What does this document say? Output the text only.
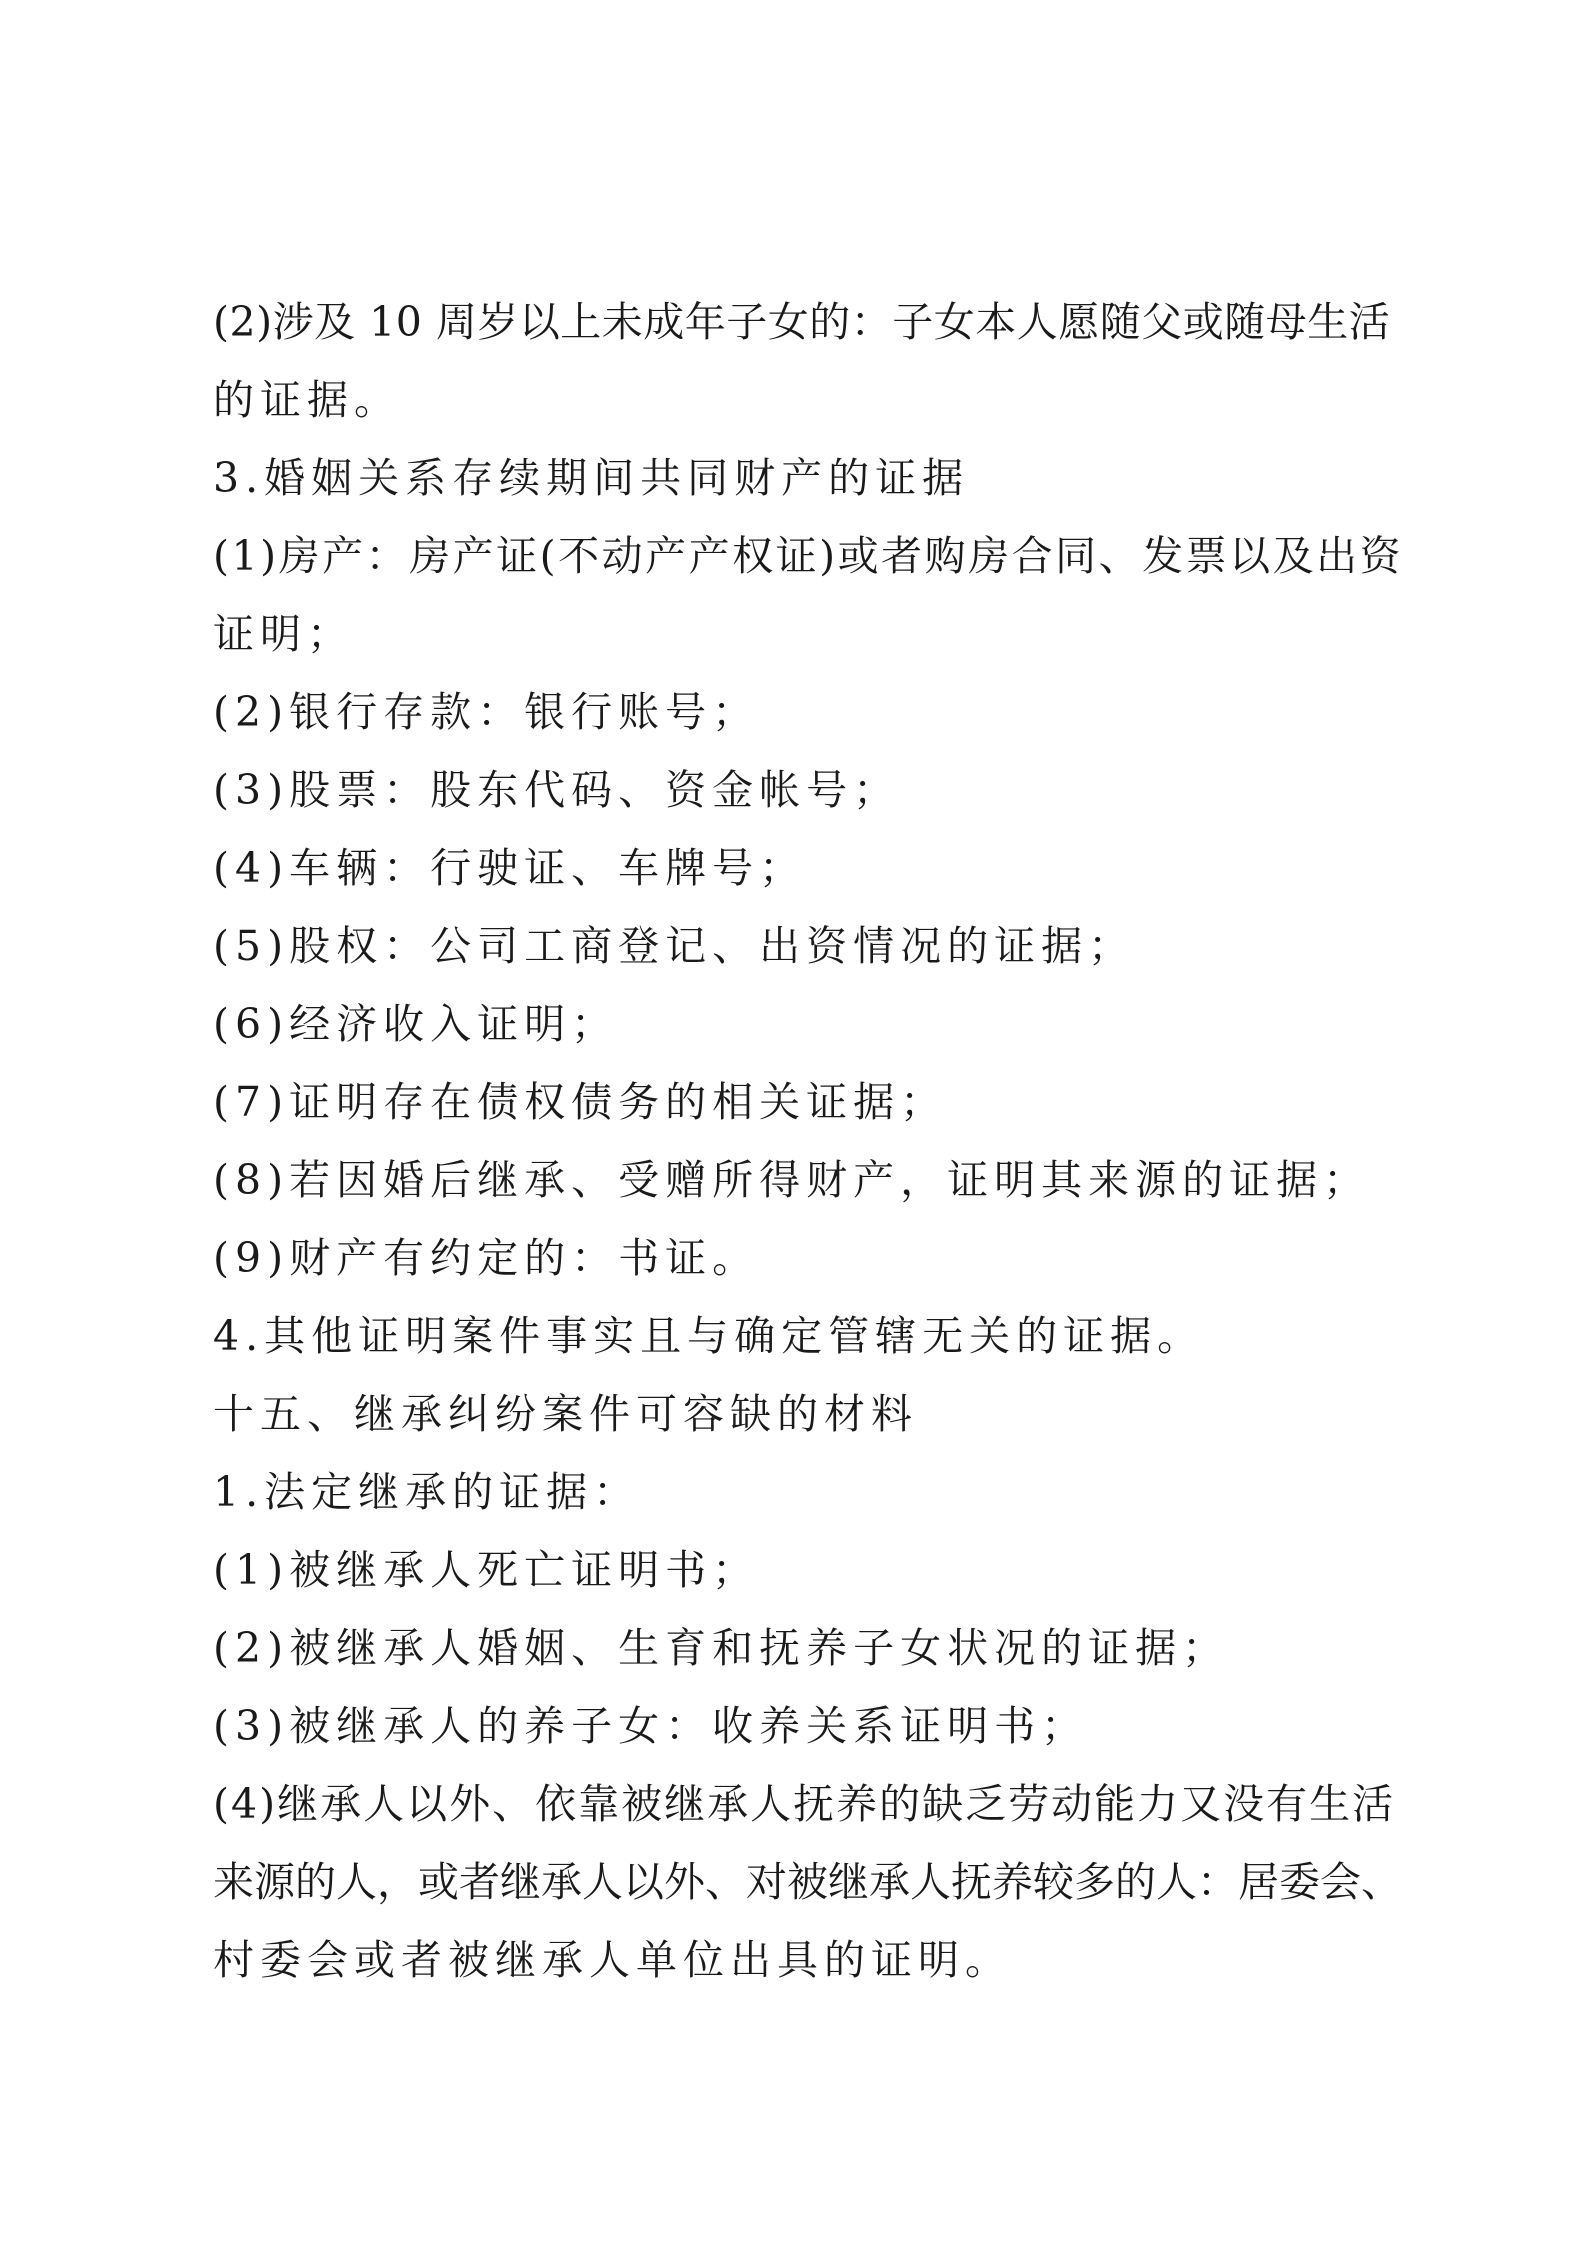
(2)涉及 10 周岁以上未成年子女的：子女本人愿随父或随母生活

的证据。

3.婚姻关系存续期间共同财产的证据

(1)房产：房产证(不动产产权证)或者购房合同、发票以及出资

证明；

(2)银行存款：银行账号；

(3)股票：股东代码、资金帐号；

(4)车辆：行驶证、车牌号；

(5)股权：公司工商登记、出资情况的证据；

(6)经济收入证明；

(7)证明存在债权债务的相关证据；

(8)若因婚后继承、受赠所得财产，证明其来源的证据；

(9)财产有约定的：书证。

4.其他证明案件事实且与确定管辖无关的证据。

十五、继承纠纷案件可容缺的材料

1.法定继承的证据：

(1)被继承人死亡证明书；

(2)被继承人婚姻、生育和抚养子女状况的证据；

(3)被继承人的养子女：收养关系证明书；

(4)继承人以外、依靠被继承人抚养的缺乏劳动能力又没有生活

来源的人，或者继承人以外、对被继承人抚养较多的人：居委会、

村委会或者被继承人单位出具的证明。
